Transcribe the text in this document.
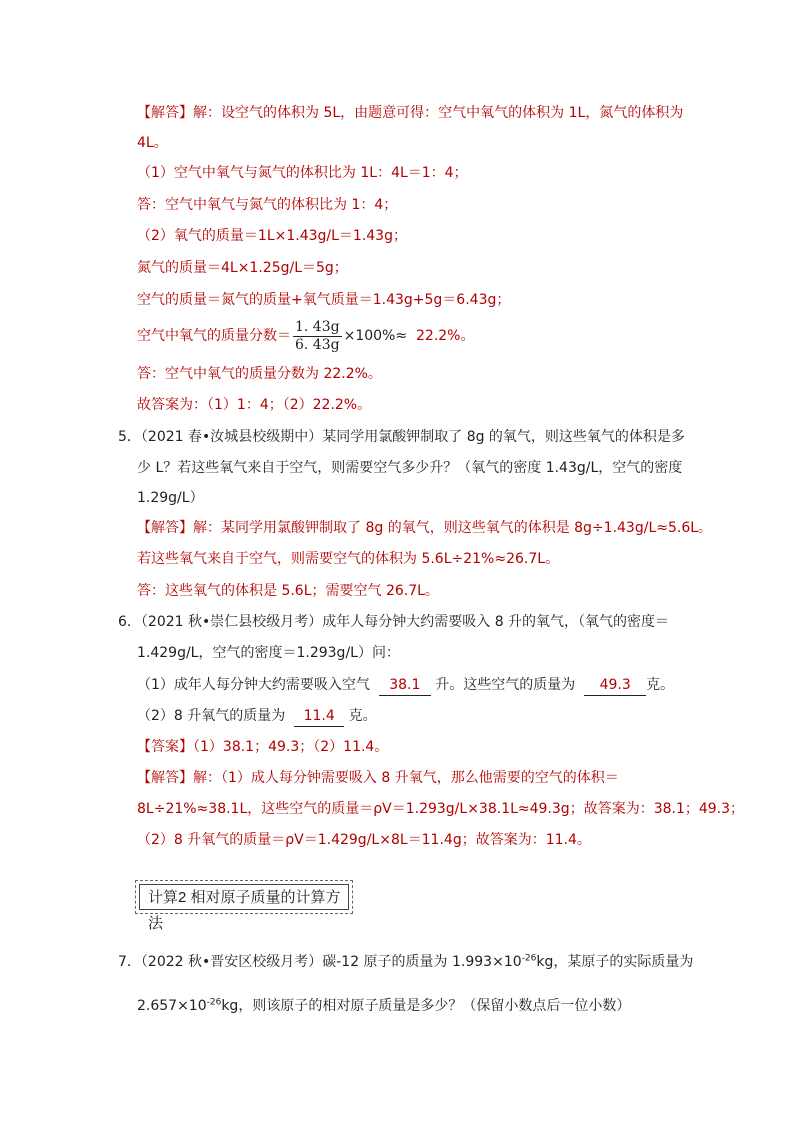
【解答】解：设空气的体积为 5L，由题意可得：空气中氧气的体积为 1L，氮气的体积为
4L。
（1）空气中氧气与氮气的体积比为 1L：4L＝1：4；
答：空气中氧气与氮气的体积比为 1：4；
（2）氧气的质量＝1L×1.43g/L＝1.43g；
氮气的质量＝4L×1.25g/L＝5g；
空气的质量＝氮气的质量+氧气质量＝1.43g+5g＝6.43g；
空气中氧气的质量分数＝ $\frac{1. 43g}{6. 43g} \times 100\%\approx 22.2\%$。
答：空气中氧气的质量分数为 22.2%。
故答案为：（1）1：4；（2）22.2%。
5．（2021 春•汝城县校级期中）某同学用氯酸钾制取了 8g 的氧气，则这些氧气的体积是多
少 L？若这些氧气来自于空气，则需要空气多少升？（氧气的密度 1.43g/L，空气的密度
1.29g/L）
【解答】解：某同学用氯酸钾制取了 8g 的氧气，则这些氧气的体积是 8g÷1.43g/L≈5.6L。
若这些氧气来自于空气，则需要空气的体积为 5.6L÷21%≈26.7L。
答：这些氧气的体积是 5.6L；需要空气 26.7L。
6．（2021 秋•崇仁县校级月考）成年人每分钟大约需要吸入 8 升的氧气，（氧气的密度＝
1.429g/L，空气的密度＝1.293g/L）问：
（1）成年人每分钟大约需要吸入空气 38.1 升。这些空气的质量为 49.3 克。
（2）8 升氧气的质量为 11.4 克。
【答案】（1）38.1；49.3；（2）11.4。
【解答】解：（1）成人每分钟需要吸入 8 升氧气，那么他需要的空气的体积＝
8L÷21%≈38.1L，这些空气的质量＝ρV＝1.293g/L×38.1L≈49.3g；故答案为：38.1；49.3；
（2）8 升氧气的质量＝ρV＝1.429g/L×8L＝11.4g；故答案为：11.4。
计算2 相对原子质量的计算方法
7．（2022 秋•晋安区校级月考）碳-12 原子的质量为 $1.993\times 10^{-26}kg$，某原子的实际质量为
$2.657\times 10^{-26}kg$，则该原子的相对原子质量是多少？（保留小数点后一位小数）
